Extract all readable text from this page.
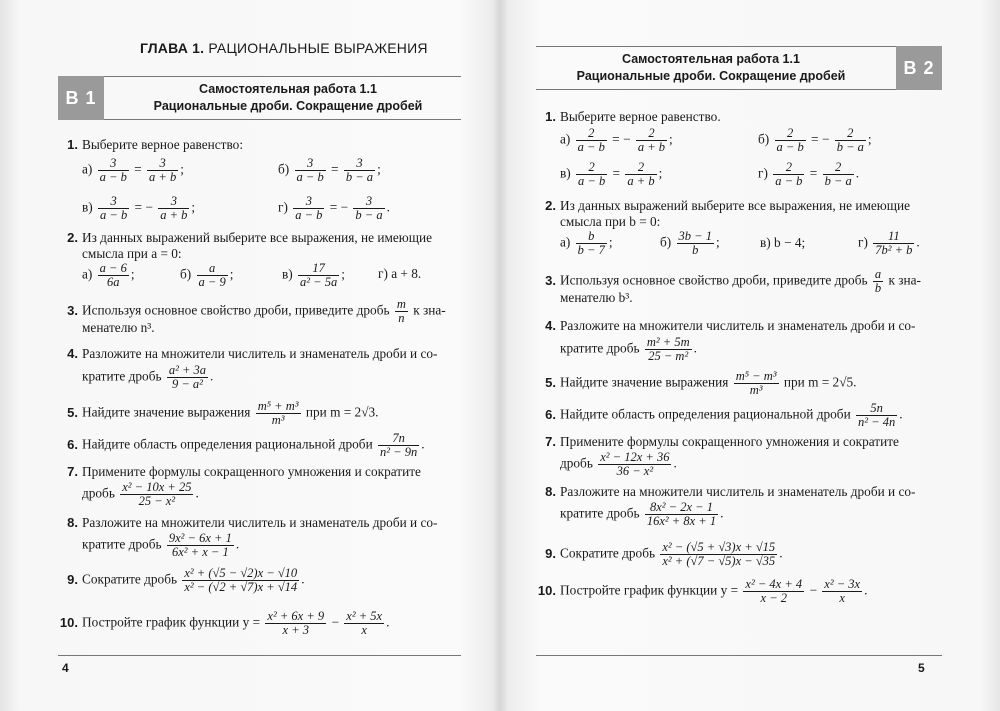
ГЛАВА 1. РАЦИОНАЛЬНЫЕ ВЫРАЖЕНИЯ
В 1	Самостоятельная работа 1.1
Рациональные дроби. Сокращение дробей
1. Выберите верное равенство:
$а) \frac{3}{a - b} = \frac{3}{a + b}$ ;	$б) \frac{3}{a - b} = \frac{3}{b - a}$ ;
$в) \frac{3}{a - b}$ = − $\frac{3}{a + b}$ ;	$г) \frac{3}{a - b}$ = − $\frac{3}{b - a}$ .
2. Из данных выражений выберите все выражения, не имеющие
смысла при a = 0:
$а) \frac{a - 6}{6a}$ ;	$б) \frac{a}{a - 9}$ ;	$в) \frac{17}{\text{a² − 5a}}$ ; г) a + 8.
3. Используя основное свойство дроби, приведите дробь $\frac{m}{n}$ к зна-
менателю n³.
4. Разложите на множители числитель и знаменатель дроби и со-
кратите дробь $\frac{\text{a² + 3a}}{\text{9 − a²}}$ .
5. Найдите значение выражения $\frac{\text{m⁵ + m³}}{\text{m³}}$ при m = 2√3.
6. Найдите область определения рациональной дроби $\frac{7n}{\text{n² − 9n}}$ .
7. Примените формулы сокращенного умножения и сократите
дробь $\frac{\text{x² − 10x + 25}}{\text{25 − x²}}$ .
8. Разложите на множители числитель и знаменатель дроби и со-
кратите дробь $\frac{\text{9x² − 6x + 1}}{\text{6x² + x − 1}}$ .
9. Сократите дробь $\frac{\text{x² + (√5 − √2)x − √10}}{\text{x² − (√2 + √7)x + √14}}$ .
10. Постройте график функции $y = \frac{\text{x² + 6x + 9}}{x + 3} - \frac{\text{x² + 5x}}{x}$ .
4
Самостоятельная работа 1.1
Рациональные дроби. Сокращение дробей	В 2
1. Выберите верное равенство.
$а) \frac{2}{a - b}$ = − $\frac{2}{a + b}$ ;	$б) \frac{2}{a - b}$ = − $\frac{2}{b - a}$ ;
$в) \frac{2}{a - b} = \frac{2}{a + b}$ ;	$г) \frac{2}{a - b} = \frac{2}{b - a}$ .
2. Из данных выражений выберите все выражения, не имеющие
смысла при b = 0:
$а) \frac{b}{b - 7}$ ;	$б) \frac{3b - 1}{b}$ ;	в) b − 4;	$г) \frac{11}{\text{7b² + b}}$ .
3. Используя основное свойство дроби, приведите дробь $\frac{a}{b}$ к зна-
менателю b³.
4. Разложите на множители числитель и знаменатель дроби и со-
кратите дробь $\frac{\text{m² + 5m}}{\text{25 − m²}}$ .
5. Найдите значение выражения $\frac{\text{m⁵ − m³}}{\text{m³}}$ при m = 2√5.
6. Найдите область определения рациональной дроби $\frac{5n}{\text{n² − 4n}}$ .
7. Примените формулы сокращенного умножения и сократите
дробь $\frac{\text{x² − 12x + 36}}{\text{36 − x²}}$ .
8. Разложите на множители числитель и знаменатель дроби и со-
кратите дробь $\frac{\text{8x² − 2x − 1}}{\text{16x² + 8x + 1}}$ .
9. Сократите дробь $\frac{\text{x² − (√5 + √3)x + √15}}{\text{x² + (√7 − √5)x − √35}}$ .
10. Постройте график функции $y = \frac{\text{x² − 4x + 4}}{x - 2} - \frac{\text{x² − 3x}}{x}$ .
5
